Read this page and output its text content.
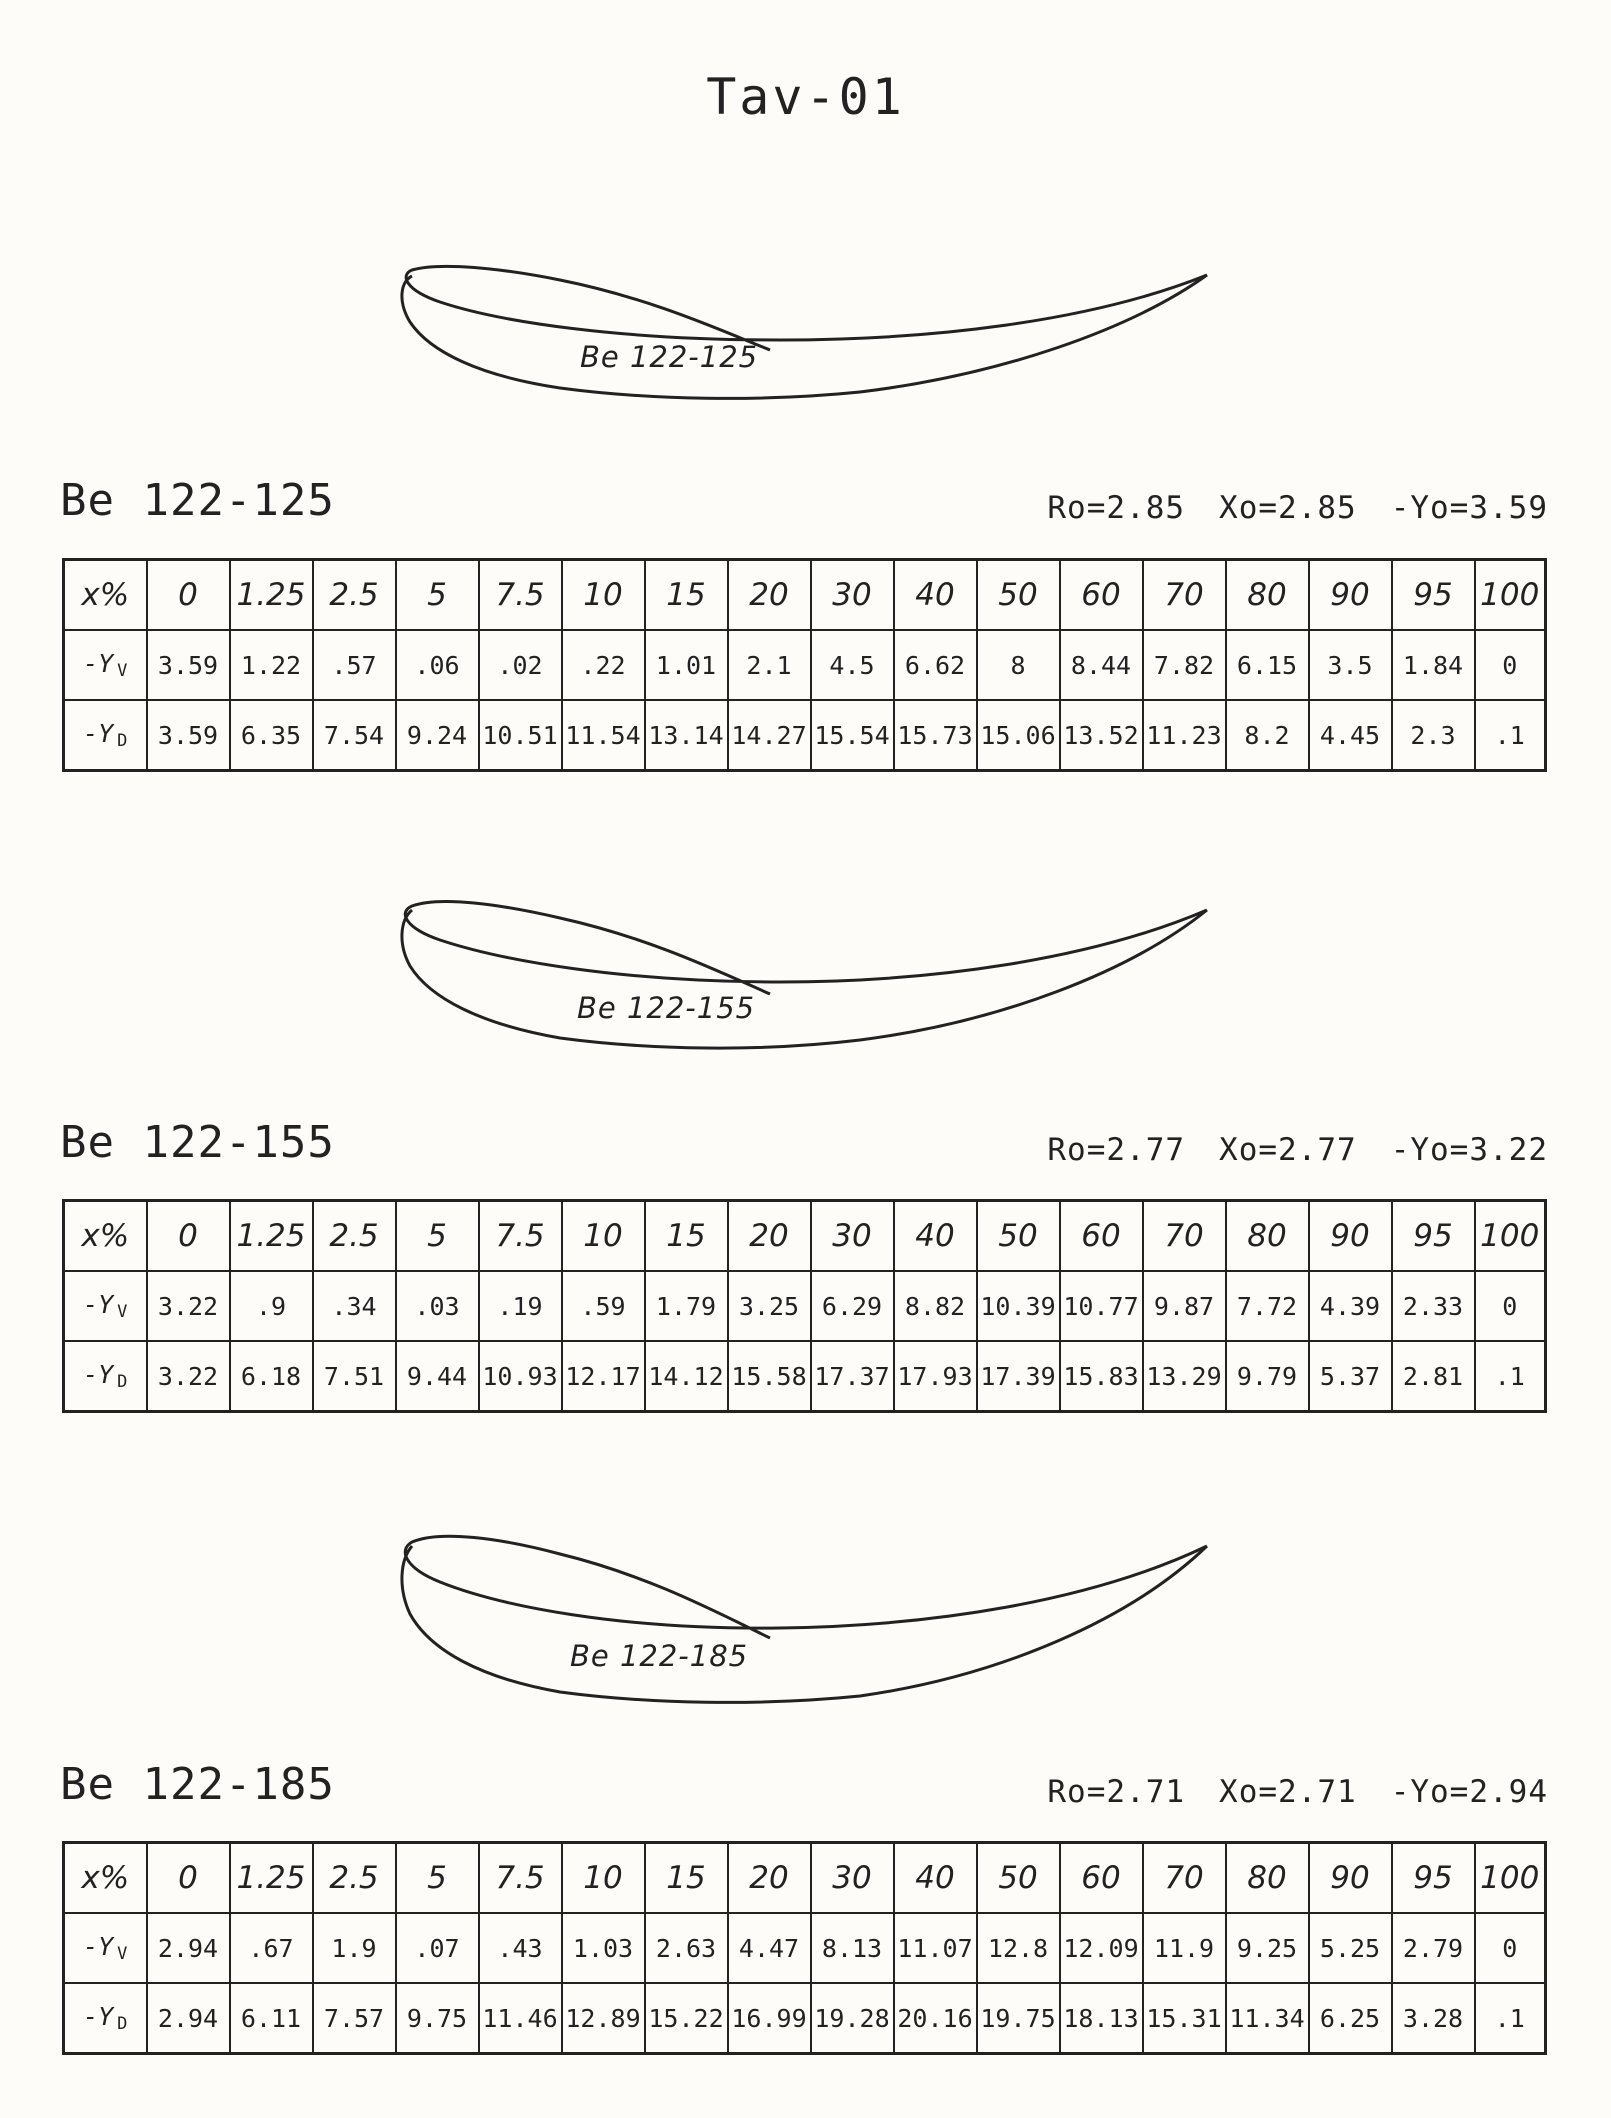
Tav-01
Be 122-125
Be 122-125	Ro=2.85 Xo=2.85 -Yo=3.59
x%	0	1.25	2.5	5	7.5	10	15	20	30	40	50	60	70	80	90	95	100
-Y $_V$	3.59	1.22	.57	.06	.02	.22	1.01	2.1	4.5	6.62	8	8.44	7.82	6.15	3.5	1.84	0
-Y $_D$	3.59	6.35	7.54	9.24	10.51	11.54	13.14	14.27	15.54	15.73	15.06	13.52	11.23	8.2	4.45	2.3	.1
Be 122-155
Be 122-155	Ro=2.77 Xo=2.77 -Yo=3.22
x%	0	1.25	2.5	5	7.5	10	15	20	30	40	50	60	70	80	90	95	100
-Y $_V$	3.22	.9	.34	.03	.19	.59	1.79	3.25	6.29	8.82	10.39	10.77	9.87	7.72	4.39	2.33	0
-Y $_D$	3.22	6.18	7.51	9.44	10.93	12.17	14.12	15.58	17.37	17.93	17.39	15.83	13.29	9.79	5.37	2.81	.1
Be 122-185
Be 122-185	Ro=2.71 Xo=2.71 -Yo=2.94
x%	0	1.25	2.5	5	7.5	10	15	20	30	40	50	60	70	80	90	95	100
-Y $_V$	2.94	.67	1.9	.07	.43	1.03	2.63	4.47	8.13	11.07	12.8	12.09	11.9	9.25	5.25	2.79	0
-Y $_D$	2.94	6.11	7.57	9.75	11.46	12.89	15.22	16.99	19.28	20.16	19.75	18.13	15.31	11.34	6.25	3.28	.1
